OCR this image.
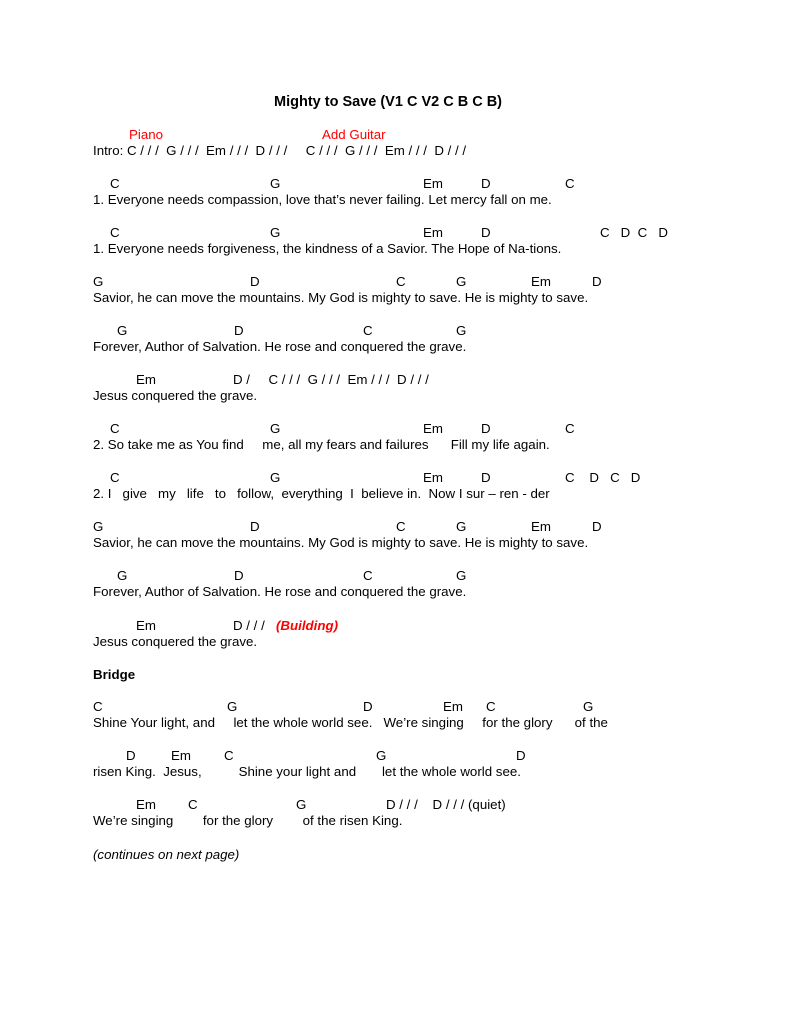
Mighty to Save (V1 C V2 C B C B)
Piano	Add Guitar
Intro: C / / /  G / / /  Em / / /  D / / /     C / / /  G / / /  Em / / /  D / / /
C	G	Em	D	C
1. Everyone needs compassion, love that’s never failing. Let mercy fall on me.
C	G	Em	D	C   D  C   D
1. Everyone needs forgiveness, the kindness of a Savior. The Hope of Na-tions.
G	D	C	G	Em	D
Savior, he can move the mountains. My God is mighty to save. He is mighty to save.
G	D	C	G
Forever, Author of Salvation. He rose and conquered the grave.
Em	D /     C / / /  G / / /  Em / / /  D / / /
Jesus conquered the grave.
C	G	Em	D	C
2. So take me as You find     me, all my fears and failures      Fill my life again.
C	G	Em	D	C    D   C   D
2. I   give   my   life   to   follow,  everything  I  believe in.  Now I sur – ren - der
G	D	C	G	Em	D
Savior, he can move the mountains. My God is mighty to save. He is mighty to save.
G	D	C	G
Forever, Author of Salvation. He rose and conquered the grave.
Em	D / / / (Building)
Jesus conquered the grave.
Bridge
C	G	D	Em C	G
Shine Your light, and     let the whole world see.   We’re singing     for the glory      of the
D	Em C	G	D
risen King.  Jesus,          Shine your light and       let the whole world see.
Em C	G	D / / /    D / / / (quiet)
We’re singing        for the glory        of the risen King.
(continues on next page)
